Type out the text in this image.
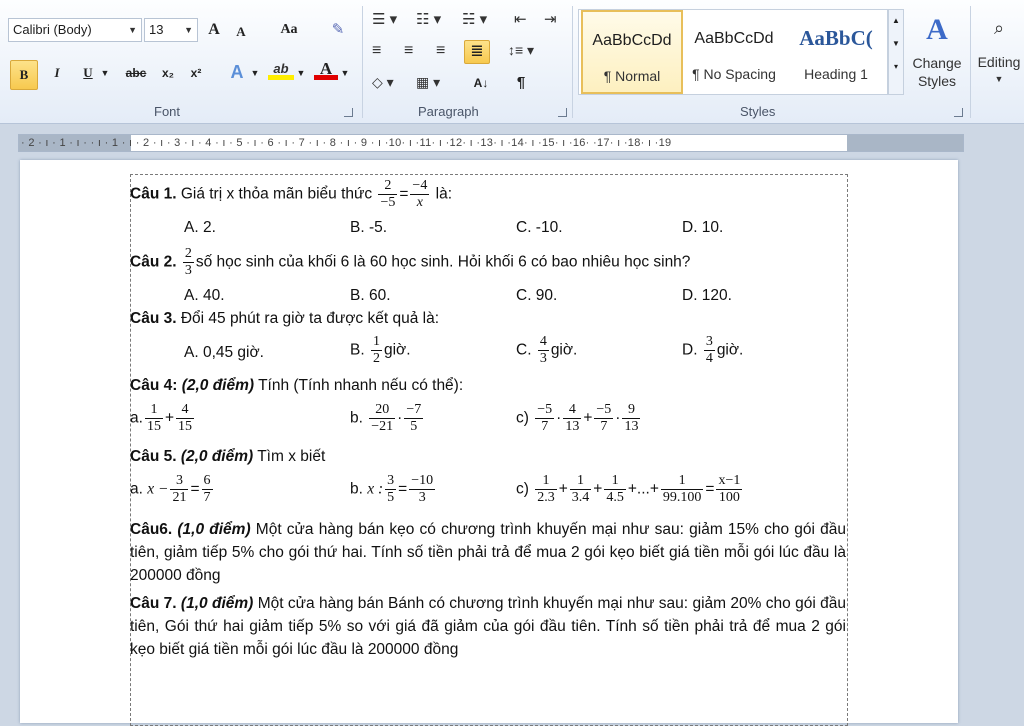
Calibri (Body)	▼ 13 ▼ A	A	Aa	✎
B	I	U ▼	abc	x₂	x² A ▼	ab ▼ A ▼
Font
☰ ▾ ☷ ▾ ☵ ▾ ⇤ ⇥
≡ ≡ ≡	≣	↕≡ ▾
◇ ▾ ▦ ▾	A↓	¶
Paragraph
AaBbCcDd
¶ Normal
AaBbCcDd
¶ No Spacing
AaBbC(
Heading 1
▲
▼
▾
A
Change
Styles
Styles
⌕
Editing
▼
· 2 · ı · 1 · ı · · ı · 1 · ı · 2 · ı · 3 · ı · 4 · ı · 5 · ı · 6 · ı · 7 · ı · 8 · ı · 9 · ı ·10· ı ·11· ı ·12· ı ·13· ı ·14· ı ·15· ı ·16· ·17· ı ·18· ı ·19
Câu 1. Giá trị x thỏa mãn biểu thức $\frac{2}{-5} = \frac{-4}{x}$ là:
A. 2.	B. -5.	C. -10.	D. 10.
Câu 2. $\frac{2}{3}$ số học sinh của khối 6 là 60 học sinh. Hỏi khối 6 có bao nhiêu học sinh?
A. 40.	B. 60.	C. 90.	D. 120.
Câu 3. Đổi 45 phút ra giờ ta được kết quả là:
A. 0,45 giờ.	B. $\frac{1}{2}$ giờ.	C. $\frac{4}{3}$ giờ.	D. $\frac{3}{4}$ giờ.
Câu 4: (2,0 điểm) Tính (Tính nhanh nếu có thể):
a. $\frac{1}{15} + \frac{4}{15}$	b. $\frac{20}{-21} \cdot \frac{-7}{5}$	$c) \frac{-5}{7} \cdot \frac{4}{13} + \frac{-5}{7} \cdot \frac{9}{13}$
Câu 5. (2,0 điểm) Tìm x biết
a. $x - \frac{3}{21} = \frac{6}{7}$	b. x : $\frac{3}{5} = \frac{-10}{3}$	$c) \frac{1}{2.3} + \frac{1}{3.4} + \frac{1}{4.5}$ +...+ $\frac{1}{99.100} = \frac{x-1}{100}$
Câu6. (1,0 điểm) Một cửa hàng bán kẹo có chương trình khuyến mại như sau: giảm 15% cho gói đầu tiên, giảm tiếp 5% cho gói thứ hai. Tính số tiền phải trả để mua 2 gói kẹo biết giá tiền mỗi gói lúc đầu là 200000 đồng
Câu 7. (1,0 điểm) Một cửa hàng bán Bánh có chương trình khuyến mại như sau: giảm 20% cho gói đầu tiên, Gói thứ hai giảm tiếp 5% so với giá đã giảm của gói đầu tiên. Tính số tiền phải trả để mua 2 gói kẹo biết giá tiền mỗi gói lúc đầu là 200000 đồng
